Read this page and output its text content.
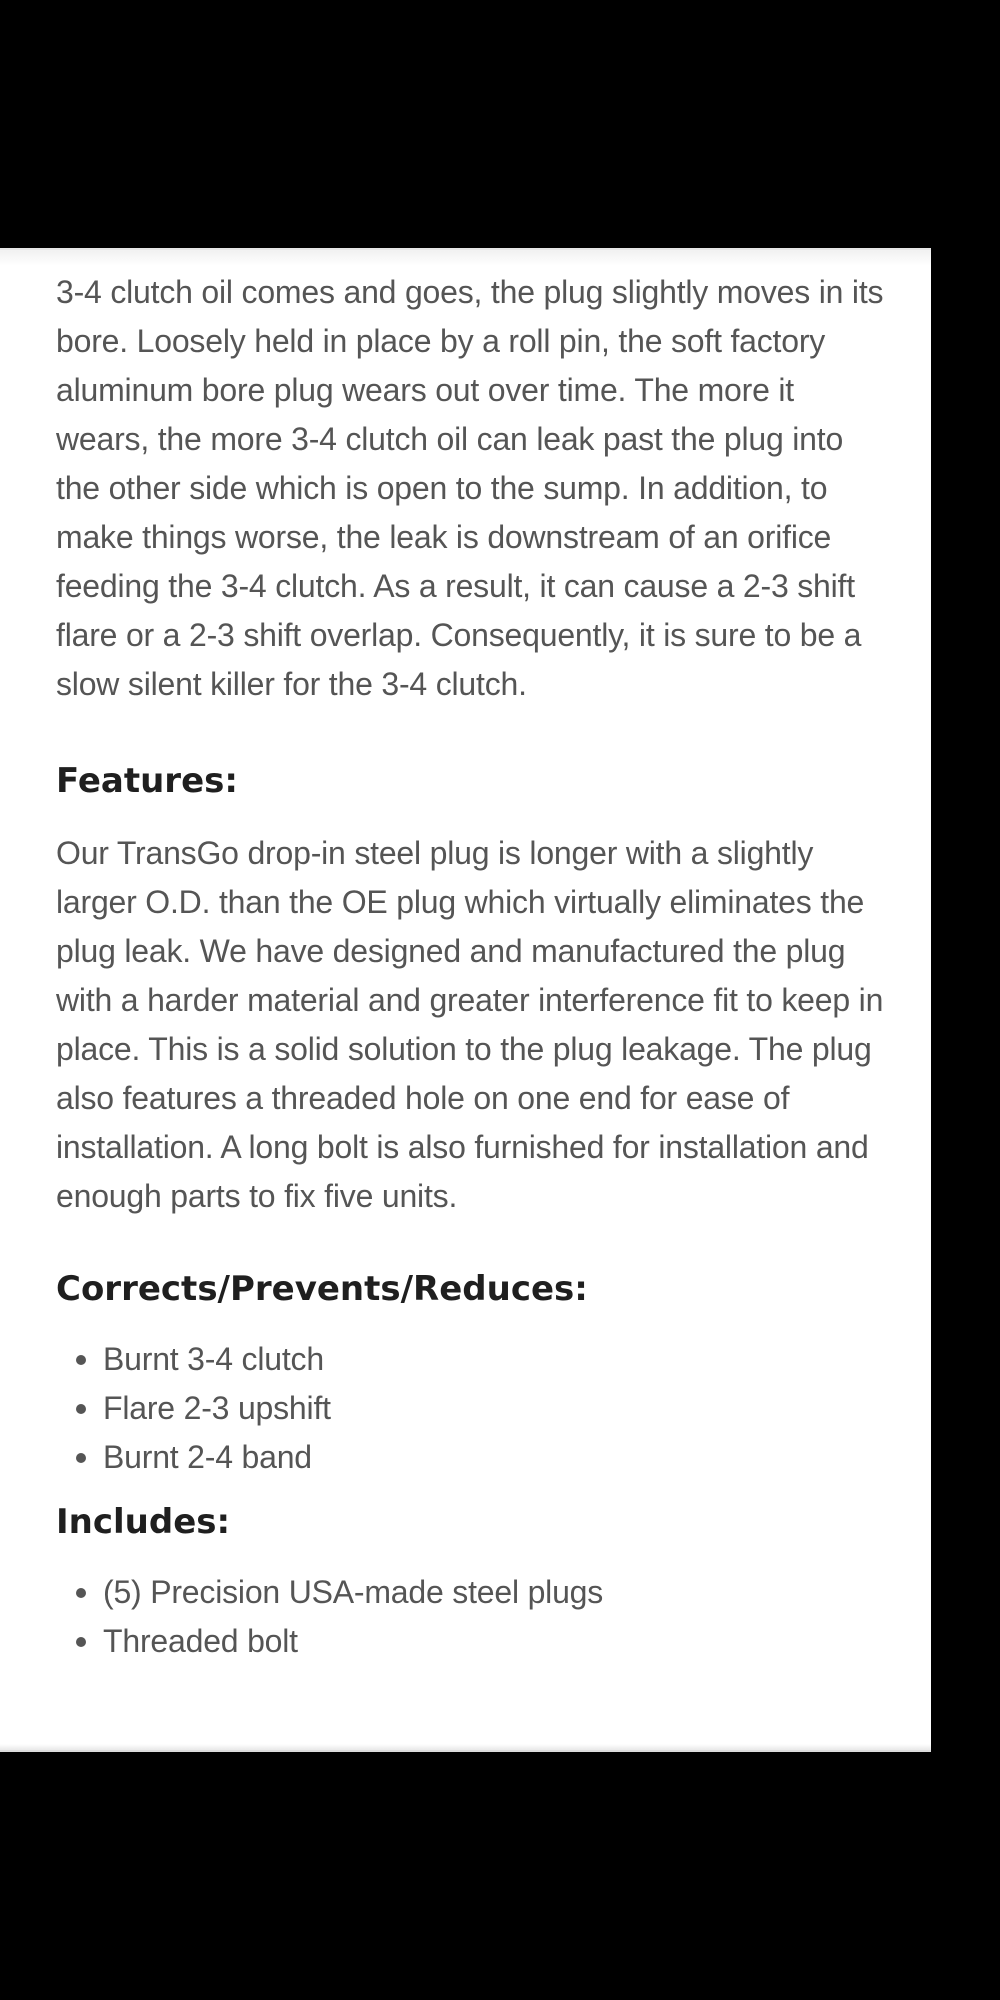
3-4 clutch oil comes and goes, the plug slightly moves in its bore. Loosely held in place by a roll pin, the soft factory aluminum bore plug wears out over time. The more it wears, the more 3-4 clutch oil can leak past the plug into the other side which is open to the sump. In addition, to make things worse, the leak is downstream of an orifice feeding the 3-4 clutch. As a result, it can cause a 2-3 shift flare or a 2-3 shift overlap. Consequently, it is sure to be a slow silent killer for the 3-4 clutch.

Features:

Our TransGo drop-in steel plug is longer with a slightly larger O.D. than the OE plug which virtually eliminates the plug leak. We have designed and manufactured the plug with a harder material and greater interference fit to keep in place. This is a solid solution to the plug leakage. The plug also features a threaded hole on one end for ease of installation. A long bolt is also furnished for installation and enough parts to fix five units.

Corrects/Prevents/Reduces:
Burnt 3-4 clutch
Flare 2-3 upshift
Burnt 2-4 band
Includes:
(5) Precision USA-made steel plugs
Threaded bolt
